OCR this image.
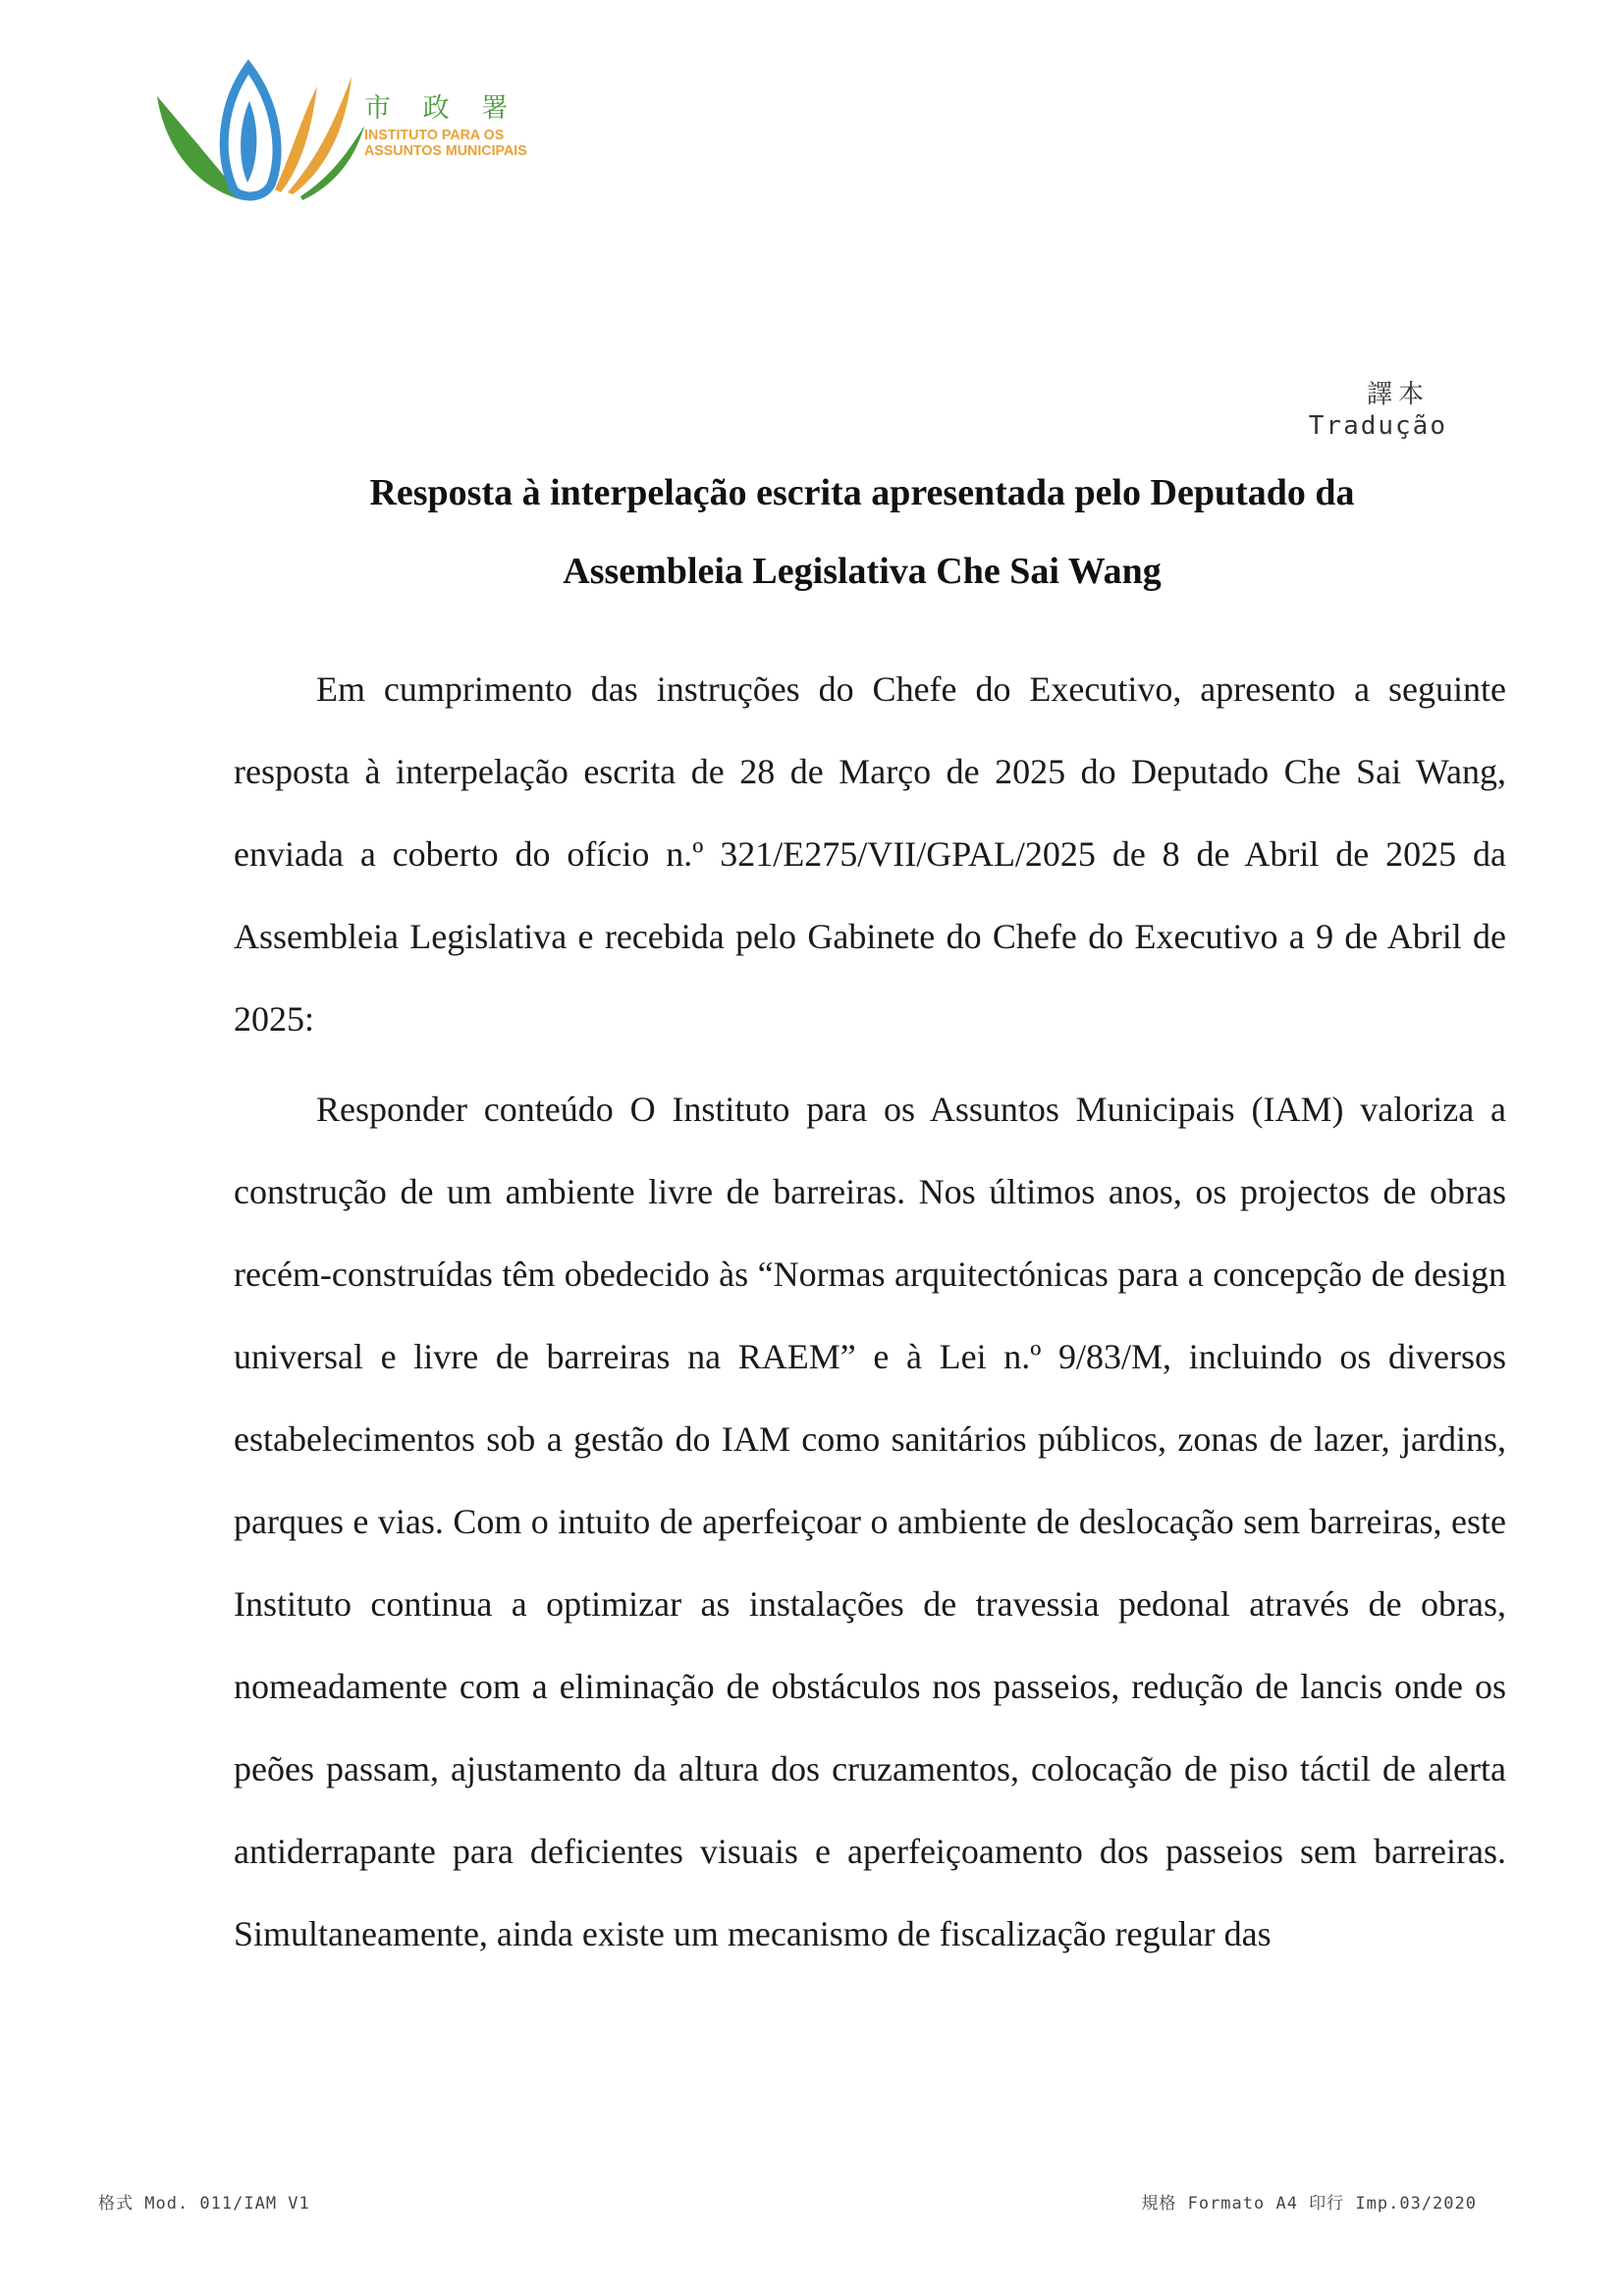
市 政 署

INSTITUTO PARA OS

ASSUNTOS MUNICIPAIS

譯本
Tradução
Resposta à interpelação escrita apresentada pelo Deputado da
Assembleia Legislativa Che Sai Wang

Em cumprimento das instruções do Chefe do Executivo, apresento a seguinte resposta à interpelação escrita de 28 de Março de 2025 do Deputado Che Sai Wang, enviada a coberto do ofício n.º 321/E275/VII/GPAL/2025 de 8 de Abril de 2025 da Assembleia Legislativa e recebida pelo Gabinete do Chefe do Executivo a 9 de Abril de 2025:

Responder conteúdo O Instituto para os Assuntos Municipais (IAM) valoriza a construção de um ambiente livre de barreiras. Nos últimos anos, os projectos de obras recém-construídas têm obedecido às “Normas arquitectónicas para a concepção de design universal e livre de barreiras na RAEM” e à Lei n.º 9/83/M, incluindo os diversos estabelecimentos sob a gestão do IAM como sanitários públicos, zonas de lazer, jardins, parques e vias. Com o intuito de aperfeiçoar o ambiente de deslocação sem barreiras, este Instituto continua a optimizar as instalações de travessia pedonal através de obras, nomeadamente com a eliminação de obstáculos nos passeios, redução de lancis onde os peões passam, ajustamento da altura dos cruzamentos, colocação de piso táctil de alerta antiderrapante para deficientes visuais e aperfeiçoamento dos passeios sem barreiras. Simultaneamente, ainda existe um mecanismo de fiscalização regular das

格式 Mod. 011/IAM V1	規格 Formato A4 印行 Imp.03/2020
